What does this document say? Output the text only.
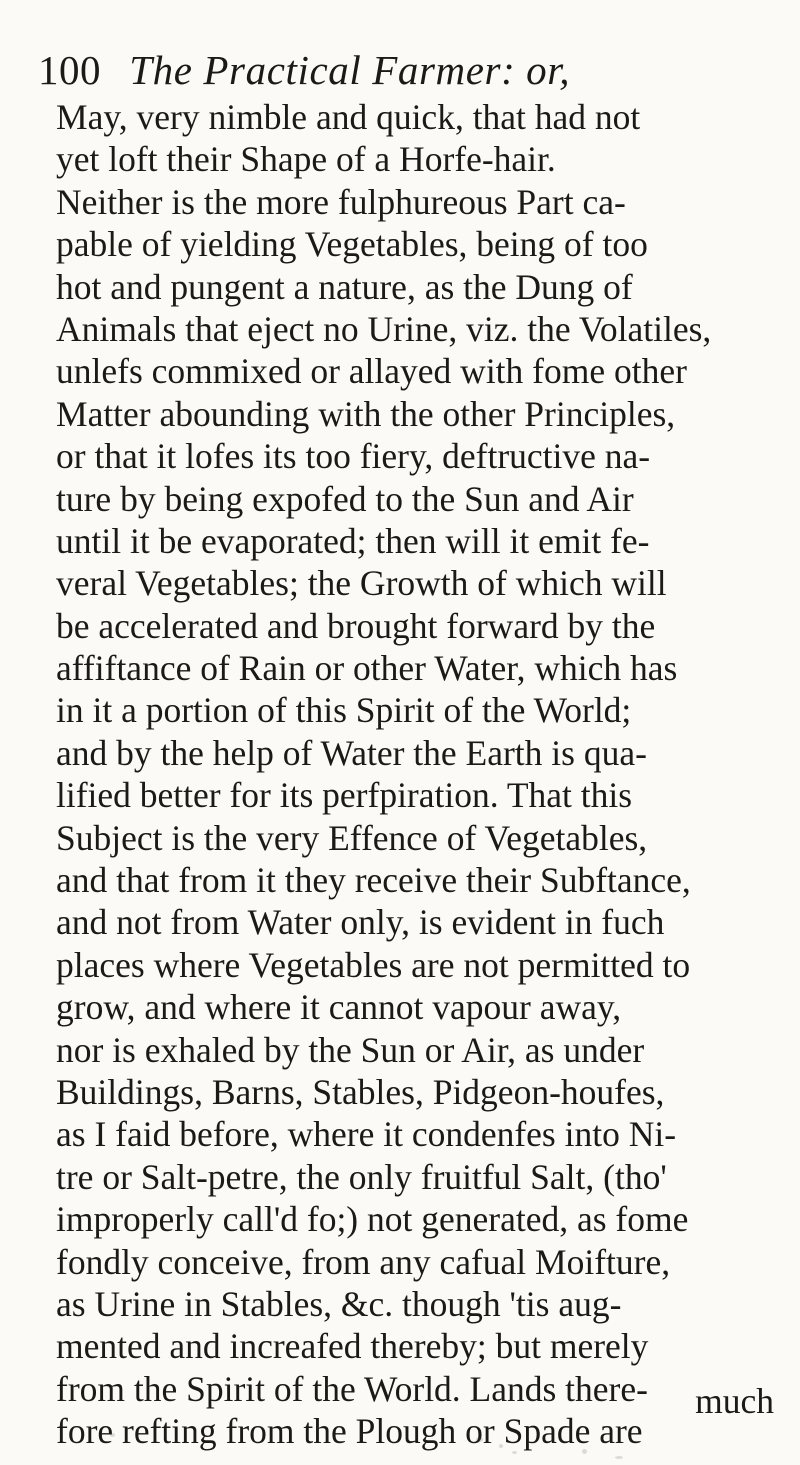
100 The Practical Farmer: or,
May, very nimble and quick, that had not
yet loft their Shape of a Horfe-hair.
Neither is the more fulphureous Part ca-
pable of yielding Vegetables, being of too
hot and pungent a nature, as the Dung of
Animals that eject no Urine, viz. the Volatiles,
unlefs commixed or allayed with fome other
Matter abounding with the other Principles,
or that it lofes its too fiery, deftructive na-
ture by being expofed to the Sun and Air
until it be evaporated; then will it emit fe-
veral Vegetables; the Growth of which will
be accelerated and brought forward by the
affiftance of Rain or other Water, which has
in it a portion of this Spirit of the World;
and by the help of Water the Earth is qua-
lified better for its perfpiration. That this
Subject is the very Effence of Vegetables,
and that from it they receive their Subftance,
and not from Water only, is evident in fuch
places where Vegetables are not permitted to
grow, and where it cannot vapour away,
nor is exhaled by the Sun or Air, as under
Buildings, Barns, Stables, Pidgeon-houfes,
as I faid before, where it condenfes into Ni-
tre or Salt-petre, the only fruitful Salt, (tho'
improperly call'd fo;) not generated, as fome
fondly conceive, from any cafual Moifture,
as Urine in Stables, &c. though 'tis aug-
mented and increafed thereby; but merely
from the Spirit of the World. Lands there-
fore refting from the Plough or Spade are
much
